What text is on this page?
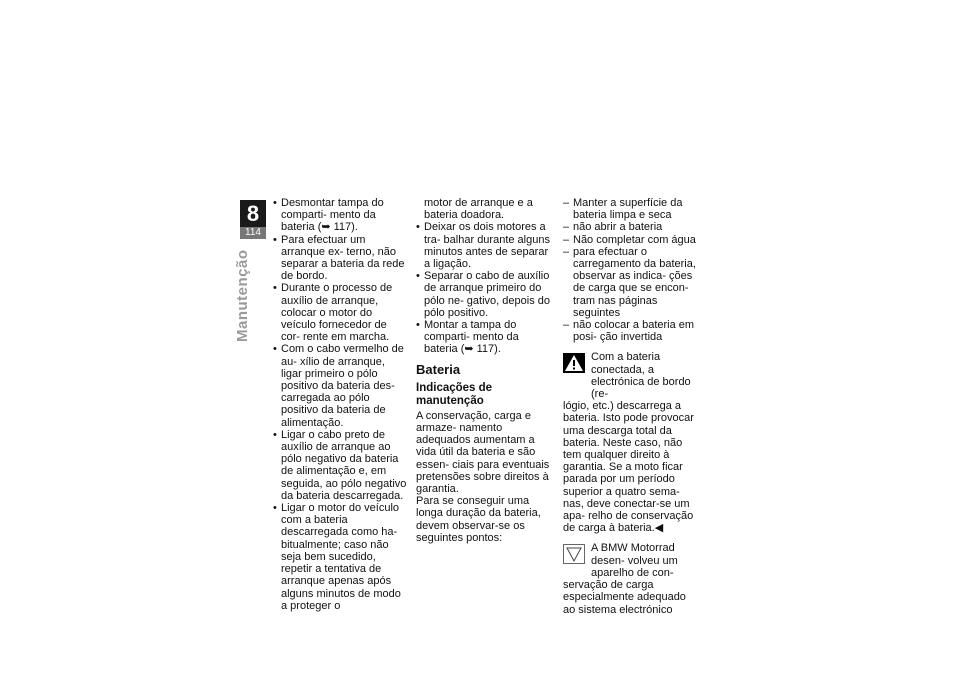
8
114
Manutenção
• Desmontar tampa do comparti- mento da bateria (➥ 117).
• Para efectuar um arranque ex- terno, não separar a bateria da rede de bordo.
• Durante o processo de auxílio de arranque, colocar o motor do veículo fornecedor de cor- rente em marcha.
• Com o cabo vermelho de au- xílio de arranque, ligar primeiro o pólo positivo da bateria des- carregada ao pólo positivo da bateria de alimentação.
• Ligar o cabo preto de auxílio de arranque ao pólo negativo da bateria de alimentação e, em seguida, ao pólo negativo da bateria descarregada.
• Ligar o motor do veículo com a bateria descarregada como ha- bitualmente; caso não seja bem sucedido, repetir a tentativa de arranque apenas após alguns minutos de modo a proteger o
motor de arranque e a bateria doadora.
• Deixar os dois motores a tra- balhar durante alguns minutos antes de separar a ligação.
• Separar o cabo de auxílio de arranque primeiro do pólo ne- gativo, depois do pólo positivo.
• Montar a tampa do comparti- mento da bateria (➥ 117).
Bateria
Indicações de manutenção

A conservação, carga e armaze- namento adequados aumentam a vida útil da bateria e são essen- ciais para eventuais pretensões sobre direitos à garantia.

Para se conseguir uma longa duração da bateria, devem observar-se os seguintes pontos:

– Manter a superfície da bateria limpa e seca
– não abrir a bateria
– Não completar com água
– para efectuar o carregamento da bateria, observar as indica- ções de carga que se encon- tram nas páginas seguintes
– não colocar a bateria em posi- ção invertida
Com a bateria conectada, a electrónica de bordo (re-
lógio, etc.) descarrega a bateria. Isto pode provocar uma descarga total da bateria. Neste caso, não tem qualquer direito à garantia. Se a moto ficar parada por um período superior a quatro sema- nas, deve conectar-se um apa- relho de conservação de carga à bateria.◀
A BMW Motorrad desen- volveu um aparelho de con-
servação de carga especialmente adequado ao sistema electrónico
